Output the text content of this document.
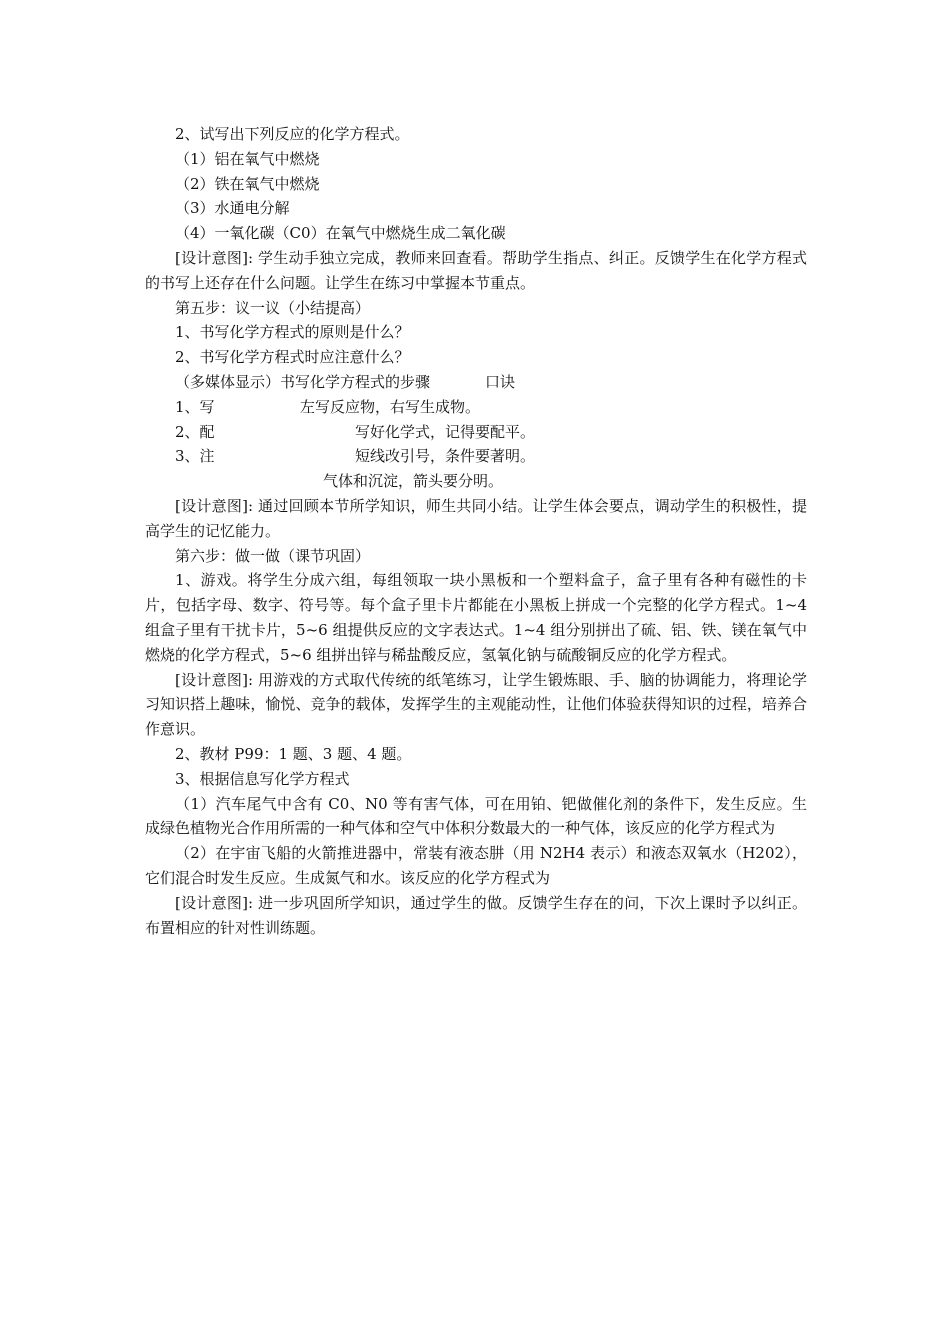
2、试写出下列反应的化学方程式。

（1）铝在氧气中燃烧

（2）铁在氧气中燃烧

（3）水通电分解

（4）一氧化碳（C0）在氧气中燃烧生成二氧化碳

[设计意图]: 学生动手独立完成，教师来回查看。帮助学生指点、纠正。反馈学生在化学方程式的书写上还存在什么问题。让学生在练习中掌握本节重点。

第五步：议一议（小结提高）

1、书写化学方程式的原则是什么？

2、书写化学方程式时应注意什么？

（多媒体显示）书写化学方程式的步骤	口诀

1、写	左写反应物，右写生成物。
2、配	写好化学式，记得要配平。
3、注	短线改引号，条件要著明。

气体和沉淀，箭头要分明。

[设计意图]: 通过回顾本节所学知识，师生共同小结。让学生体会要点，调动学生的积极性，提高学生的记忆能力。

第六步：做一做（课节巩固）

1、游戏。将学生分成六组，每组领取一块小黑板和一个塑料盒子，盒子里有各种有磁性的卡片，包括字母、数字、符号等。每个盒子里卡片都能在小黑板上拼成一个完整的化学方程式。1~4 组盒子里有干扰卡片，5~6 组提供反应的文字表达式。1~4 组分别拼出了硫、铝、铁、镁在氧气中燃烧的化学方程式，5~6 组拼出锌与稀盐酸反应，氢氧化钠与硫酸铜反应的化学方程式。

[设计意图]: 用游戏的方式取代传统的纸笔练习，让学生锻炼眼、手、脑的协调能力，将理论学习知识搭上趣味，愉悦、竞争的载体，发挥学生的主观能动性，让他们体验获得知识的过程，培养合作意识。

2、教材 P99：1 题、3 题、4 题。

3、根据信息写化学方程式

（1）汽车尾气中含有 C0、N0 等有害气体，可在用铂、钯做催化剂的条件下，发生反应。生成绿色植物光合作用所需的一种气体和空气中体积分数最大的一种气体，该反应的化学方程式为

（2）在宇宙飞船的火箭推进器中，常装有液态肼（用 N2H4 表示）和液态双氧水（H202），它们混合时发生反应。生成氮气和水。该反应的化学方程式为

[设计意图]: 进一步巩固所学知识，通过学生的做。反馈学生存在的问，下次上课时予以纠正。布置相应的针对性训练题。
